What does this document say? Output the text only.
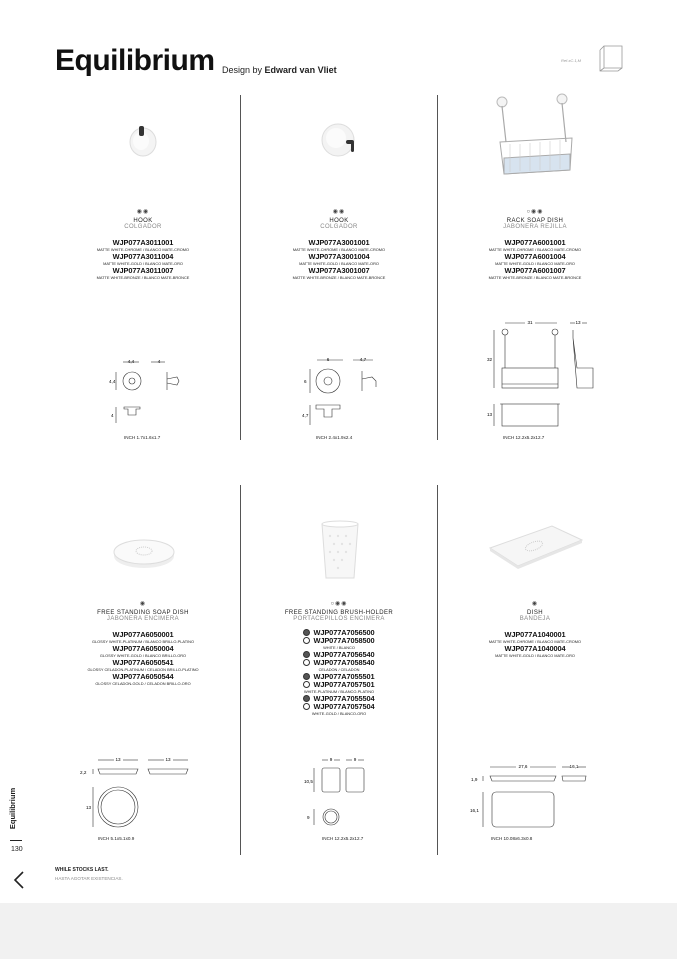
Equilibrium Design by Edward van Vliet
Ref.xC.1,M
◉◉
HOOK
COLGADOR
WJP077A3011001
MATTE WHITE-CHROME / BLANCO MATE-CROMO
WJP077A3011004
MATTE WHITE-GOLD / BLANCO MATE-ORO
WJP077A3011007
MATTE WHITE-BRONZE / BLANCO MATE-BRONCE
4,4	4
4,4
4
INCH 1.7x1.6x1.7
◉◉
HOOK
COLGADOR
WJP077A3001001
MATTE WHITE-CHROME / BLANCO MATE-CROMO
WJP077A3001004
MATTE WHITE-GOLD / BLANCO MATE-ORO
WJP077A3001007
MATTE WHITE-BRONZE / BLANCO MATE-BRONCE
6	4,7
6
4,7
INCH 2.4x1.9x2.4
○◉◉
RACK SOAP DISH
JABONERA REJILLA
WJP077A6001001
MATTE WHITE-CHROME / BLANCO MATE-CROMO
WJP077A6001004
MATTE WHITE-GOLD / BLANCO MATE-ORO
WJP077A6001007
MATTE WHITE-BRONZE / BLANCO MATE-BRONCE
31	13
32
13
INCH 12.2x5.2x12.7
◉
FREE STANDING SOAP DISH
JABONERA ENCIMERA
WJP077A6050001
GLOSSY WHITE-PLATINUM / BLANCO BRILLO-PLATINO
WJP077A6050004
GLOSSY WHITE-GOLD / BLANCO BRILLO-ORO
WJP077A6050541
GLOSSY CELADON-PLATINUM / CELADON BRILLO-PLATINO
WJP077A6050544
GLOSSY CELADON-GOLD / CELADON BRILLO-ORO
13	13
2,2
13
INCH 5.1x5.1x0.9
○◉◉
FREE STANDING BRUSH-HOLDER
PORTACEPILLOS ENCIMERA
WJP077A7056500
WJP077A7058500
WHITE / BLANCO
WJP077A7056540
WJP077A7058540
CELADON / CELADON
WJP077A7055501
WJP077A7057501
WHITE-PLATINUM / BLANCO-PLATINO
WJP077A7055504
WJP077A7057504
WHITE-GOLD / BLANCO-ORO
9	9
10,5
9
INCH 12.2x5.2x12.7
◉
DISH
BANDEJA
WJP077A1040001
MATTE WHITE-CHROME / BLANCO MATE-CROMO
WJP077A1040004
MATTE WHITE-GOLD / BLANCO MATE-ORO
27,6	16,1
1,9
16,1
INCH 10.08x6.3x0.8
WHILE STOCKS LAST.
HASTA AGOTAR EXISTENCIAS.
Equilibrium
130
